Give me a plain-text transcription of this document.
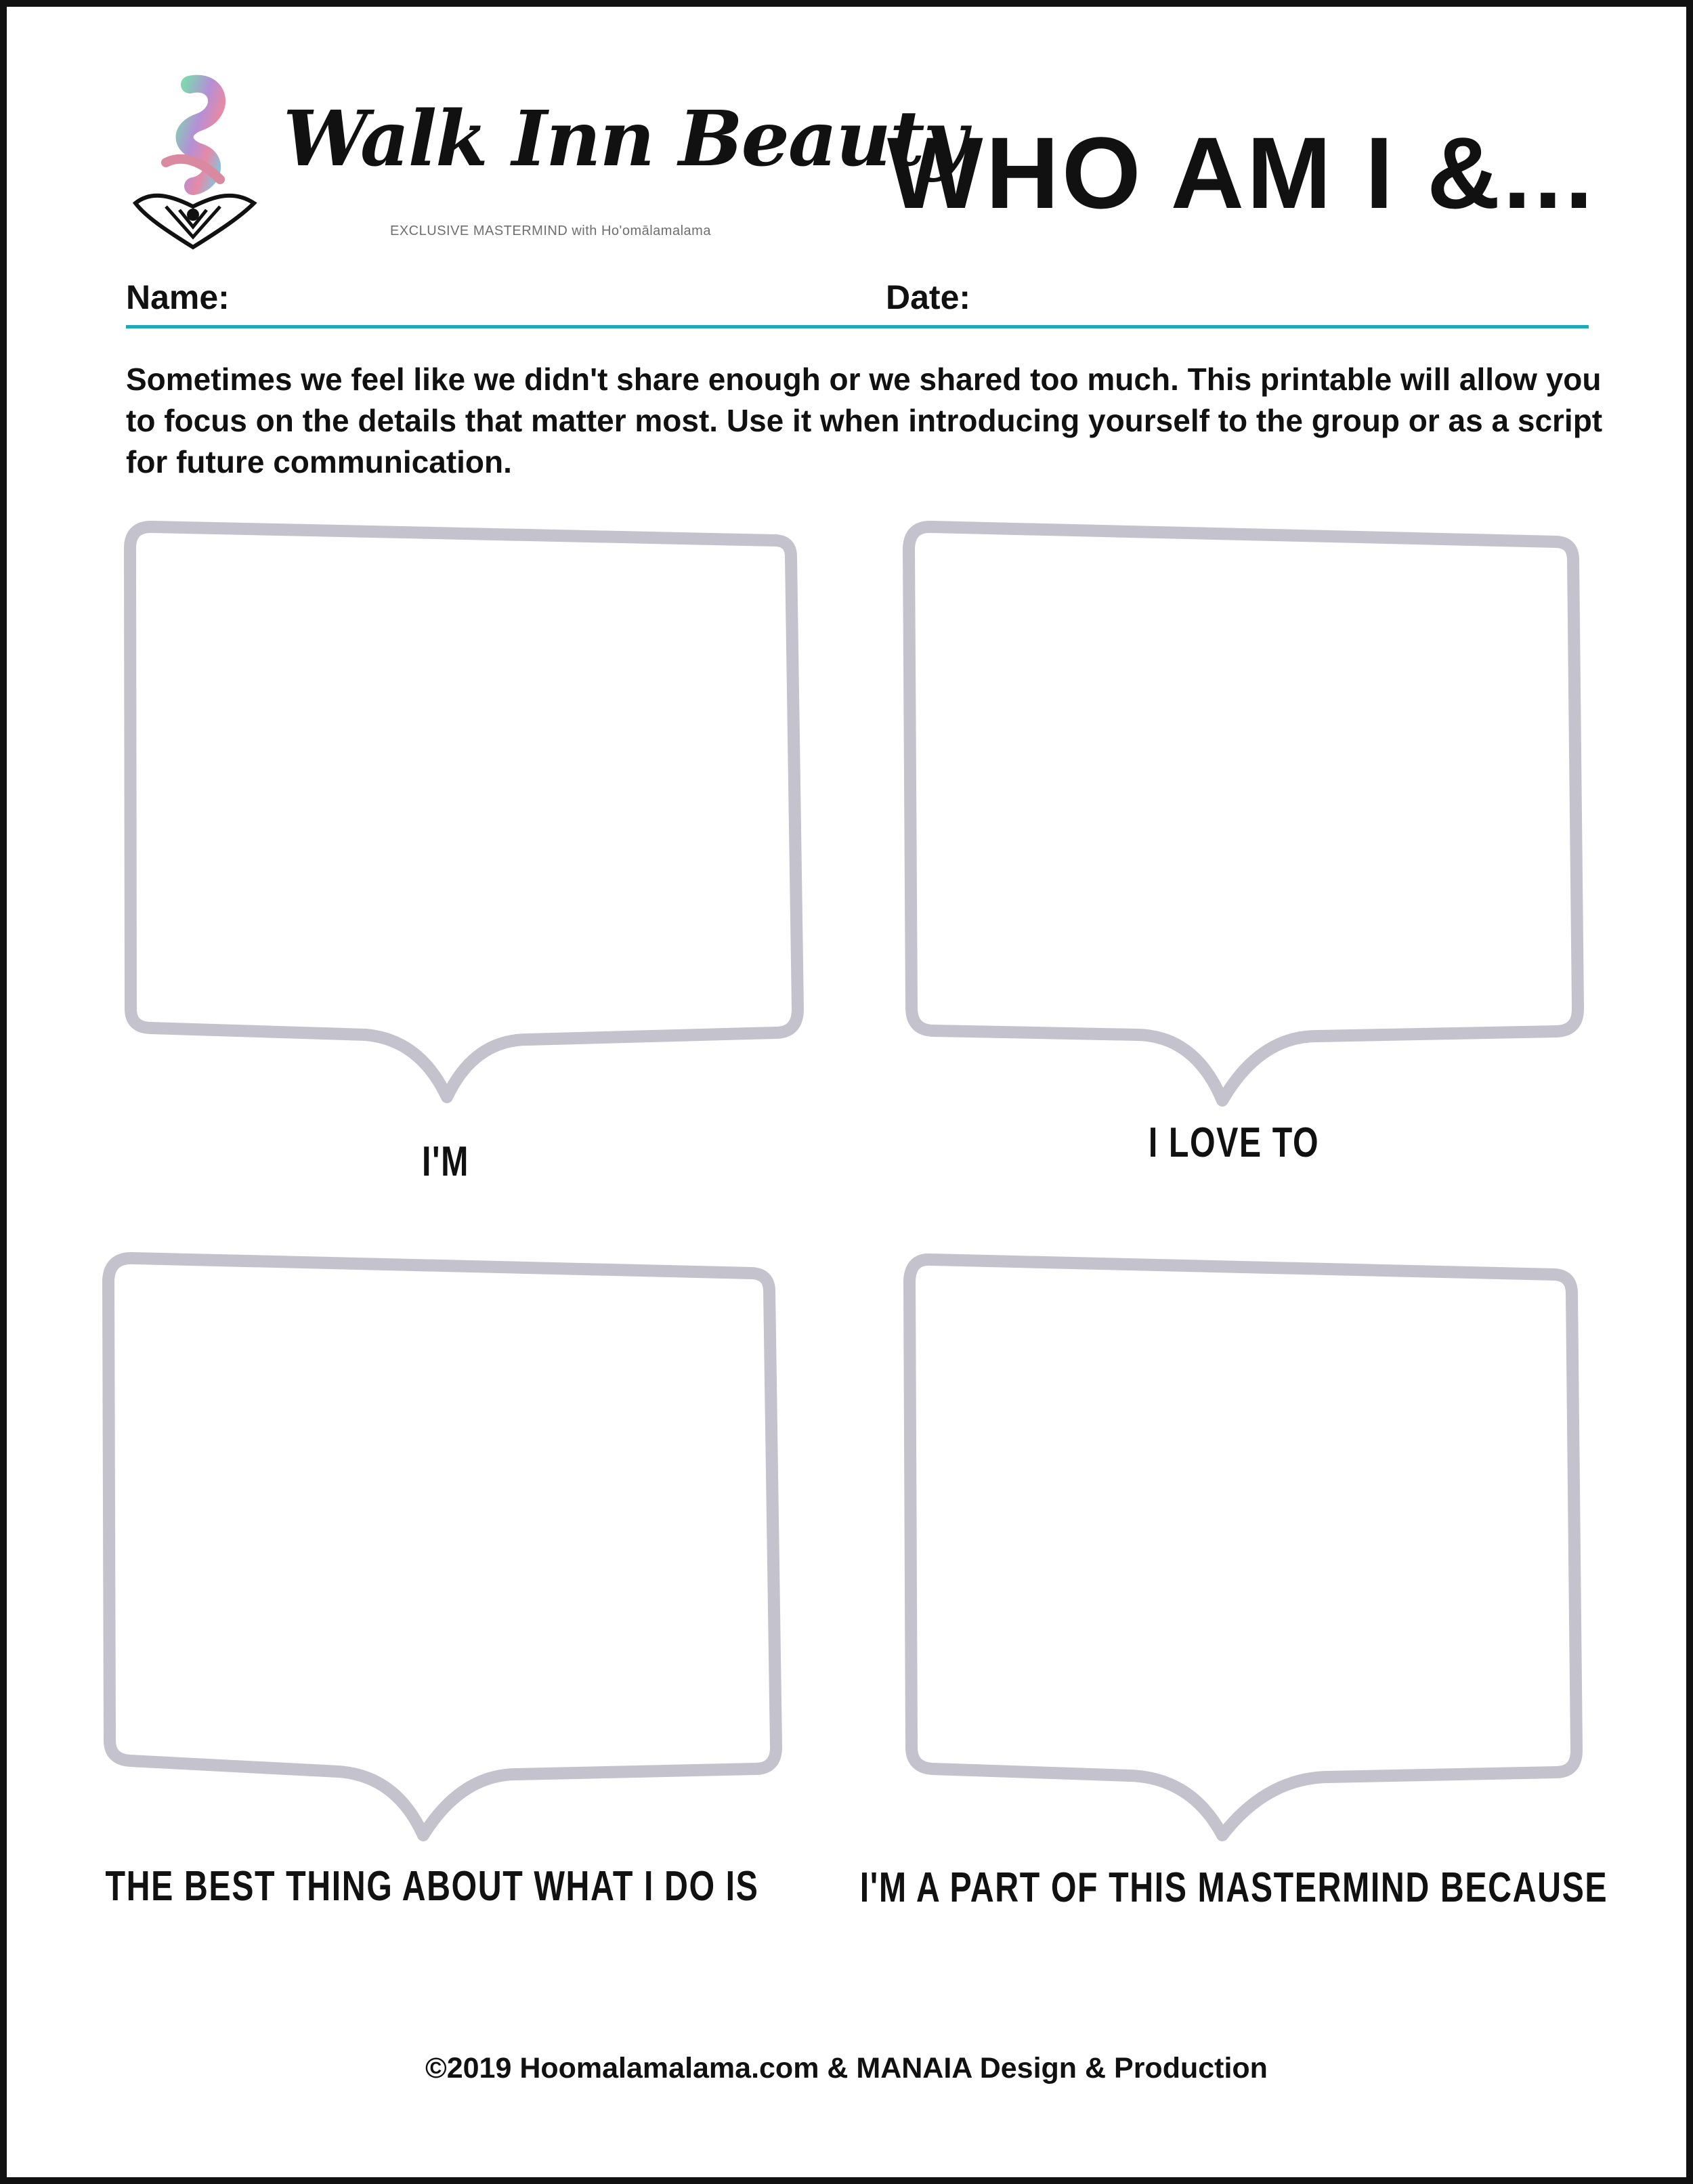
Walk Inn Beauty
EXCLUSIVE MASTERMIND with Ho'omālamalama
WHO AM I &...
Name:	Date:

Sometimes we feel like we didn't share enough or we shared too much. This printable will allow you to focus on the details that matter most. Use it when introducing yourself to the group or as a script for future communication.

I'M	I LOVE TO
THE BEST THING ABOUT WHAT I DO IS	I'M A PART OF THIS MASTERMIND BECAUSE
©2019 Hoomalamalama.com & MANAIA Design & Production
